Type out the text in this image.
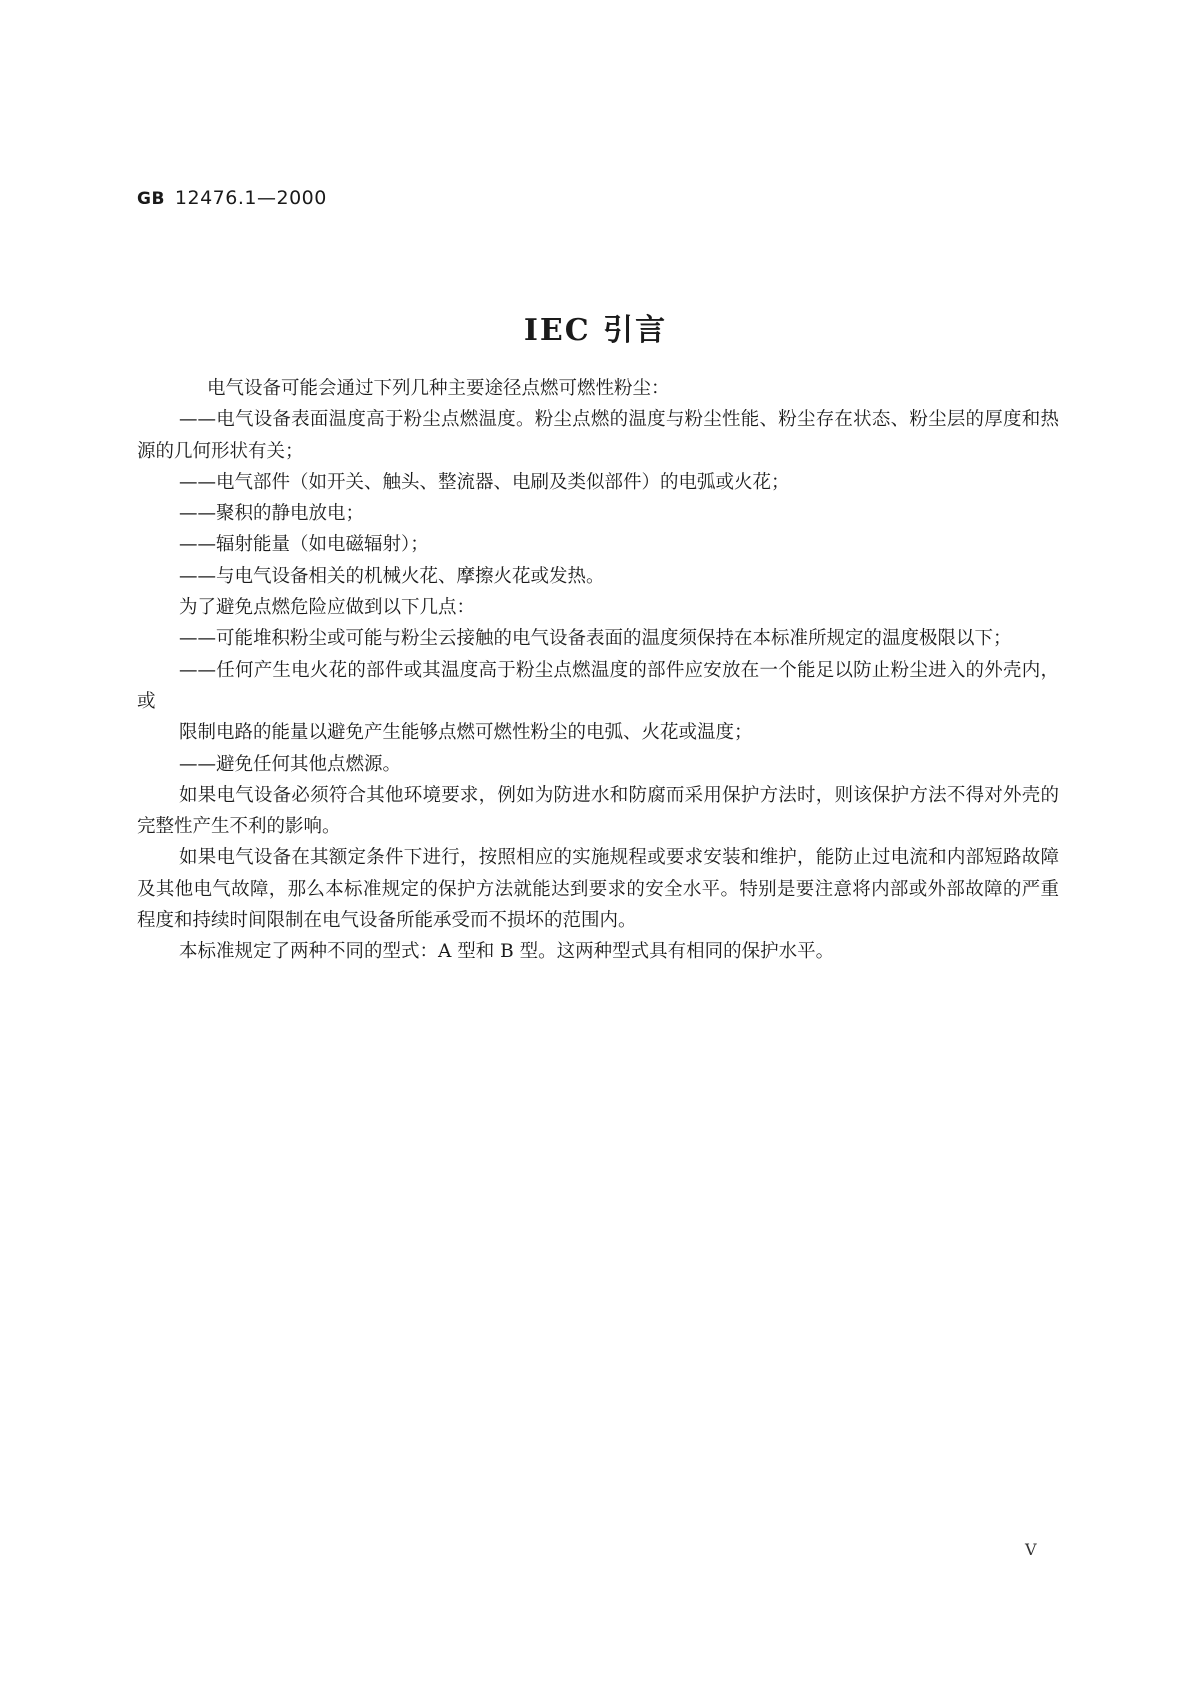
GB 12476.1—2000
IEC 引言

电气设备可能会通过下列几种主要途径点燃可燃性粉尘：

——电气设备表面温度高于粉尘点燃温度。粉尘点燃的温度与粉尘性能、粉尘存在状态、粉尘层的厚度和热源的几何形状有关；

——电气部件（如开关、触头、整流器、电刷及类似部件）的电弧或火花；

——聚积的静电放电；

——辐射能量（如电磁辐射）；

——与电气设备相关的机械火花、摩擦火花或发热。

为了避免点燃危险应做到以下几点：

——可能堆积粉尘或可能与粉尘云接触的电气设备表面的温度须保持在本标准所规定的温度极限以下；

——任何产生电火花的部件或其温度高于粉尘点燃温度的部件应安放在一个能足以防止粉尘进入的外壳内，或

限制电路的能量以避免产生能够点燃可燃性粉尘的电弧、火花或温度；

——避免任何其他点燃源。

如果电气设备必须符合其他环境要求，例如为防进水和防腐而采用保护方法时，则该保护方法不得对外壳的完整性产生不利的影响。

如果电气设备在其额定条件下进行，按照相应的实施规程或要求安装和维护，能防止过电流和内部短路故障及其他电气故障，那么本标准规定的保护方法就能达到要求的安全水平。特别是要注意将内部或外部故障的严重程度和持续时间限制在电气设备所能承受而不损坏的范围内。

本标准规定了两种不同的型式：A 型和 B 型。这两种型式具有相同的保护水平。

V
